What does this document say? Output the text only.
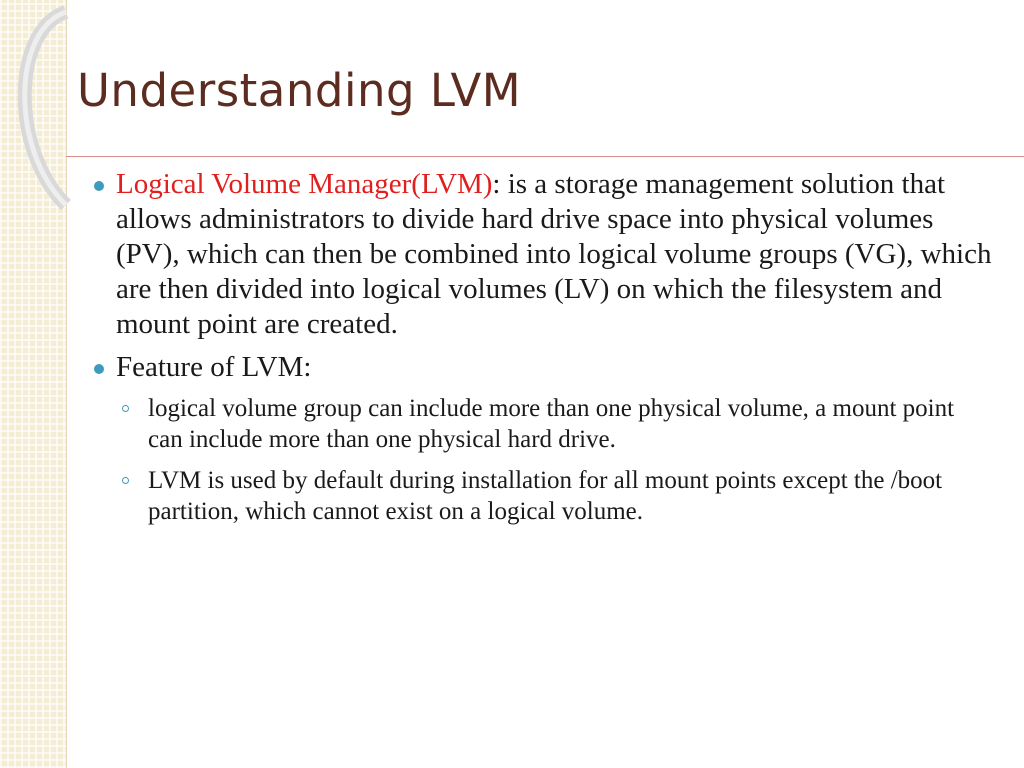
Understanding LVM
Logical Volume Manager(LVM): is a storage management solution that allows administrators to divide hard drive space into physical volumes (PV), which can then be combined into logical volume groups (VG), which are then divided into logical volumes (LV) on which the filesystem and mount point are created.
Feature of LVM:
logical volume group can include more than one physical volume, a mount point can include more than one physical hard drive.
LVM is used by default during installation for all mount points except the /boot partition, which cannot exist on a logical volume.
